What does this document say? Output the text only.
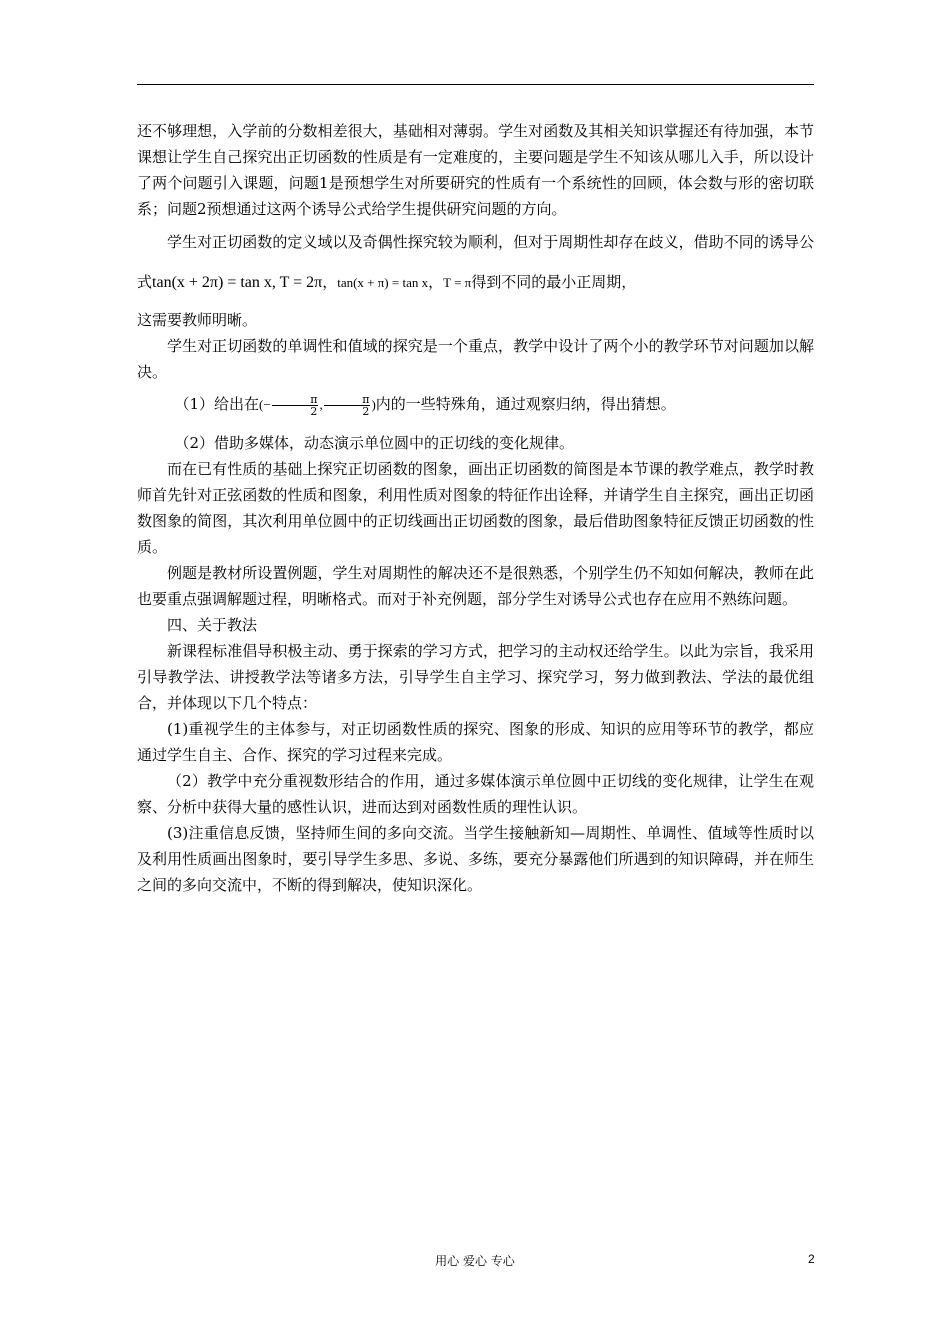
还不够理想，入学前的分数相差很大，基础相对薄弱。学生对函数及其相关知识掌握还有待加强，本节课想让学生自己探究出正切函数的性质是有一定难度的，主要问题是学生不知该从哪儿入手，所以设计了两个问题引入课题，问题1是预想学生对所要研究的性质有一个系统性的回顾，体会数与形的密切联系；问题2预想通过这两个诱导公式给学生提供研究问题的方向。

学生对正切函数的定义域以及奇偶性探究较为顺利，但对于周期性却存在歧义，借助不同的诱导公式tan(x + 2π) = tan x, T = 2π，tan(x + π) = tan x，T = π得到不同的最小正周期，

这需要教师明晰。

学生对正切函数的单调性和值域的探究是一个重点，教学中设计了两个小的教学环节对问题加以解决。

（1）给出在(− $\frac{\pi}{2}$ , $\frac{\pi}{2}$ )内的一些特殊角，通过观察归纳，得出猜想。

（2）借助多媒体，动态演示单位圆中的正切线的变化规律。

而在已有性质的基础上探究正切函数的图象，画出正切函数的简图是本节课的教学难点，教学时教师首先针对正弦函数的性质和图象，利用性质对图象的特征作出诠释，并请学生自主探究，画出正切函数图象的简图，其次利用单位圆中的正切线画出正切函数的图象，最后借助图象特征反馈正切函数的性质。

例题是教材所设置例题，学生对周期性的解决还不是很熟悉，个别学生仍不知如何解决，教师在此也要重点强调解题过程，明晰格式。而对于补充例题，部分学生对诱导公式也存在应用不熟练问题。

四、关于教法

新课程标准倡导积极主动、勇于探索的学习方式，把学习的主动权还给学生。以此为宗旨，我采用引导教学法、讲授教学法等诸多方法，引导学生自主学习、探究学习，努力做到教法、学法的最优组合，并体现以下几个特点：

(1)重视学生的主体参与，对正切函数性质的探究、图象的形成、知识的应用等环节的教学，都应通过学生自主、合作、探究的学习过程来完成。

（2）教学中充分重视数形结合的作用，通过多媒体演示单位圆中正切线的变化规律，让学生在观察、分析中获得大量的感性认识，进而达到对函数性质的理性认识。

(3)注重信息反馈，坚持师生间的多向交流。当学生接触新知—周期性、单调性、值域等性质时以及利用性质画出图象时，要引导学生多思、多说、多练，要充分暴露他们所遇到的知识障碍，并在师生之间的多向交流中，不断的得到解决，使知识深化。

用心 爱心 专心	2
